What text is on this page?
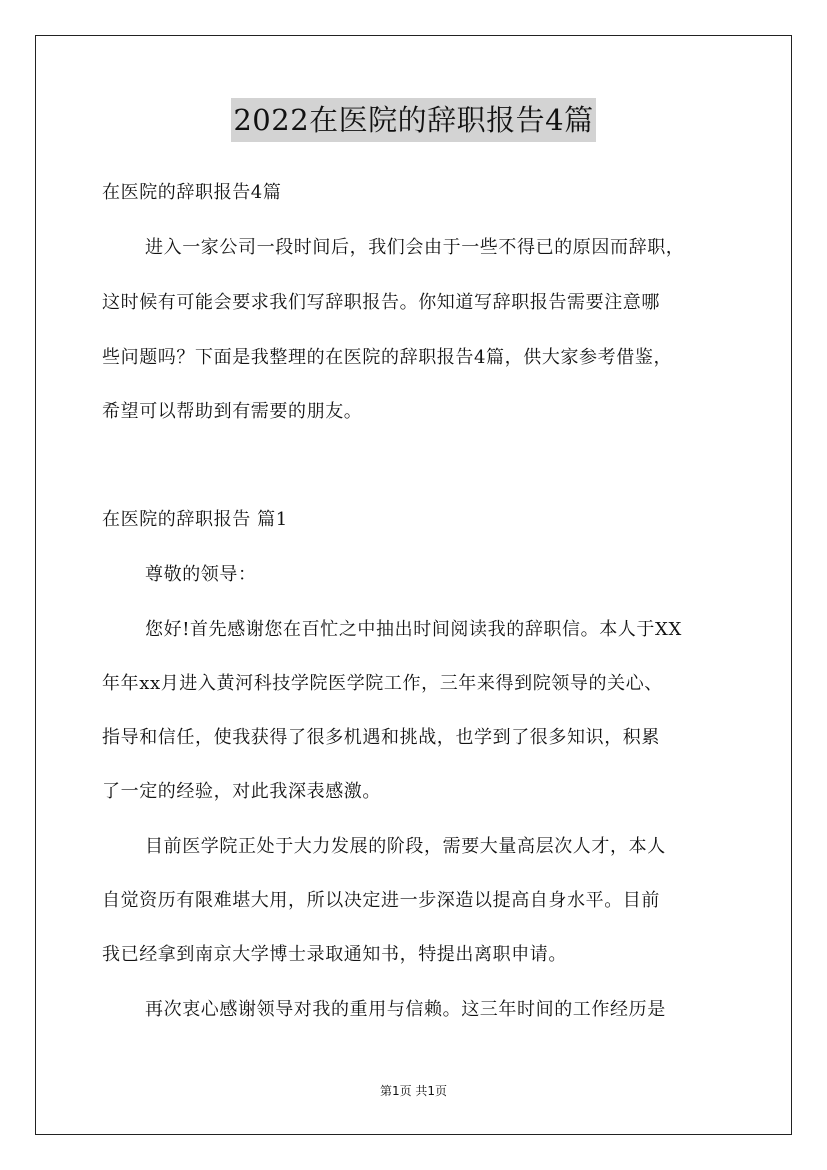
2022在医院的辞职报告4篇
在医院的辞职报告4篇
进入一家公司一段时间后，我们会由于一些不得已的原因而辞职，
这时候有可能会要求我们写辞职报告。你知道写辞职报告需要注意哪
些问题吗？下面是我整理的在医院的辞职报告4篇，供大家参考借鉴，
希望可以帮助到有需要的朋友。
在医院的辞职报告 篇1
尊敬的领导：
您好!首先感谢您在百忙之中抽出时间阅读我的辞职信。本人于XX
年年xx月进入黄河科技学院医学院工作，三年来得到院领导的关心、
指导和信任，使我获得了很多机遇和挑战，也学到了很多知识，积累
了一定的经验，对此我深表感激。
目前医学院正处于大力发展的阶段，需要大量高层次人才，本人
自觉资历有限难堪大用，所以决定进一步深造以提高自身水平。目前
我已经拿到南京大学博士录取通知书，特提出离职申请。
再次衷心感谢领导对我的重用与信赖。这三年时间的工作经历是
第1页 共1页
